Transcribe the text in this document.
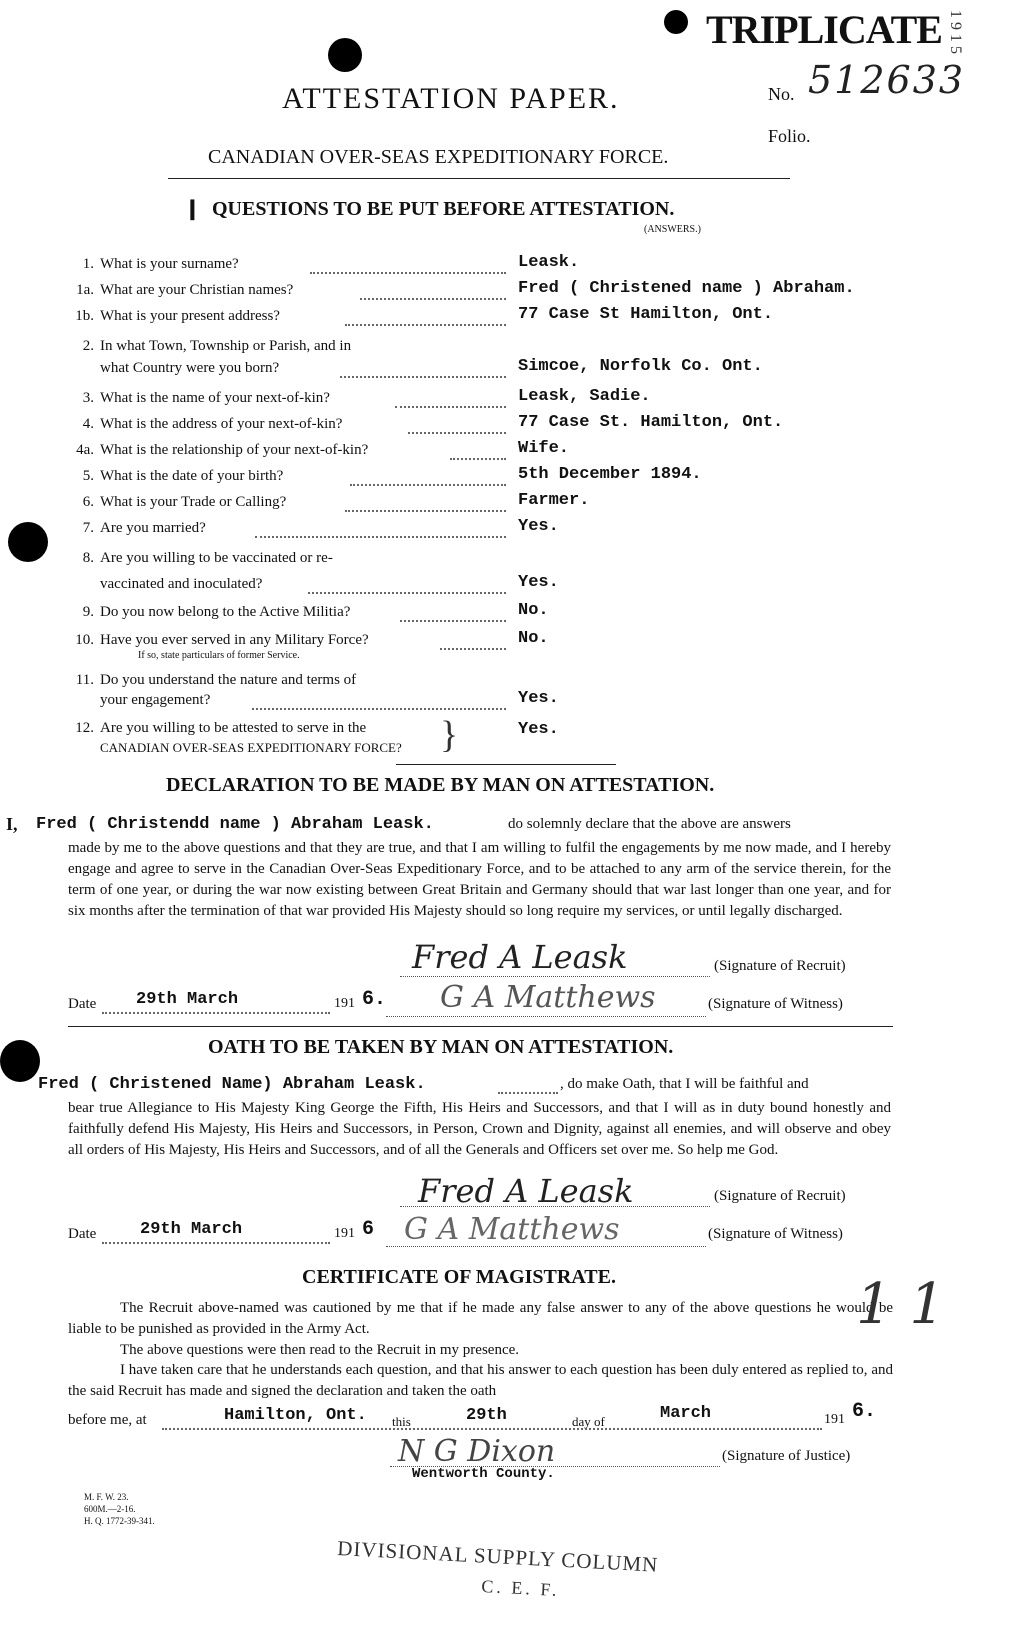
TRIPLICATE 1 9 1 5
No. 512633
Folio.
ATTESTATION PAPER.
CANADIAN OVER-SEAS EXPEDITIONARY FORCE.
❙ QUESTIONS TO BE PUT BEFORE ATTESTATION.
(ANSWERS.)
1. What is your surname?	Leask.
1a. What are your Christian names?	Fred ( Christened name ) Abraham.
1b. What is your present address?	77 Case St Hamilton, Ont.
2. In what Town, Township or Parish, and in
what Country were you born?	Simcoe, Norfolk Co. Ont.
3. What is the name of your next-of-kin?	Leask, Sadie.
4. What is the address of your next-of-kin?	77 Case St. Hamilton, Ont.
4a. What is the relationship of your next-of-kin?	Wife.
5. What is the date of your birth?	5th December 1894.
6. What is your Trade or Calling?	Farmer.
7. Are you married?	Yes.
8. Are you willing to be vaccinated or re-
vaccinated and inoculated?	Yes.
9. Do you now belong to the Active Militia?	No.
10. Have you ever served in any Military Force?
If so, state particulars of former Service.
No.
11. Do you understand the nature and terms of
your engagement?	Yes.
12. Are you willing to be attested to serve in the
CANADIAN OVER-SEAS EXPEDITIONARY FORCE? }	Yes.
DECLARATION TO BE MADE BY MAN ON ATTESTATION.
I, Fred ( Christendd name ) Abraham Leask.	do solemnly declare that the above are answers
made by me to the above questions and that they are true, and that I am willing to fulfil the engagements by me now made, and I hereby engage and agree to serve in the Canadian Over-Seas Expeditionary Force, and to be attached to any arm of the service therein, for the term of one year, or during the war now existing between Great Britain and Germany should that war last longer than one year, and for six months after the termination of that war provided His Majesty should so long require my services, or until legally discharged.
Fred A Leask	(Signature of Recruit)
Date 29th March	191 6. G A Matthews	(Signature of Witness)
OATH TO BE TAKEN BY MAN ON ATTESTATION.
Fred ( Christened Name) Abraham Leask.	, do make Oath, that I will be faithful and
bear true Allegiance to His Majesty King George the Fifth, His Heirs and Successors, and that I will as in duty bound honestly and faithfully defend His Majesty, His Heirs and Successors, in Person, Crown and Dignity, against all enemies, and will observe and obey all orders of His Majesty, His Heirs and Successors, and of all the Generals and Officers set over me. So help me God.
Fred A Leask	(Signature of Recruit)
Date	29th March	191 6 G A Matthews	(Signature of Witness)
CERTIFICATE OF MAGISTRATE.
The Recruit above-named was cautioned by me that if he made any false answer to any of the above questions he would be liable to be punished as provided in the Army Act.
The above questions were then read to the Recruit in my presence.
I have taken care that he understands each question, and that his answer to each question has been duly entered as replied to, and the said Recruit has made and signed the declaration and taken the oath
before me, at	Hamilton, Ont. this	29th	day of	March	191 6.
N G Dixon	(Signature of Justice)
Wentworth County.
1 1
M. F. W. 23.
600M.—2-16.
H. Q. 1772-39-341.
DIVISIONAL SUPPLY COLUMN
C. E. F.
